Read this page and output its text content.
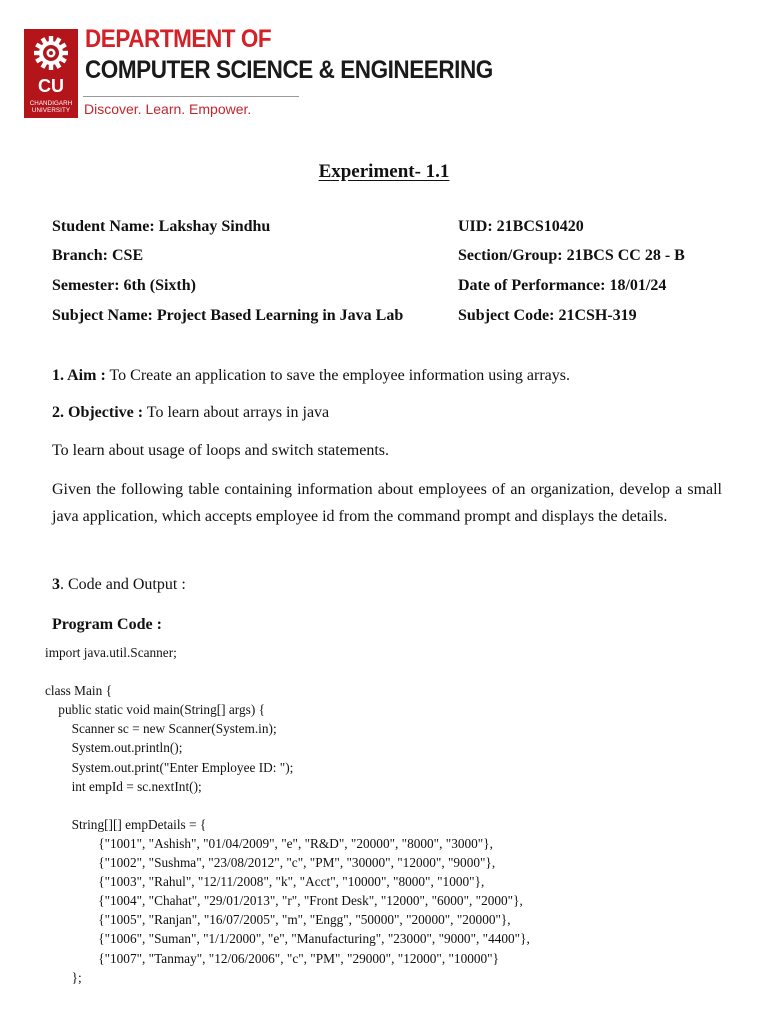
CU
CHANDIGARH
UNIVERSITY
DEPARTMENT OF
COMPUTER SCIENCE & ENGINEERING
Discover. Learn. Empower.
Experiment- 1.1
Student Name: Lakshay Sindhu	UID: 21BCS10420
Branch: CSE	Section/Group: 21BCS CC 28 - B
Semester: 6th (Sixth)	Date of Performance: 18/01/24
Subject Name: Project Based Learning in Java Lab	Subject Code: 21CSH-319
1. Aim : To Create an application to save the employee information using arrays.
2. Objective : To learn about arrays in java
To learn about usage of loops and switch statements.
Given the following table containing information about employees of an organization, develop a small java application, which accepts employee id from the command prompt and displays the details.
3. Code and Output :
Program Code :
import java.util.Scanner;

class Main {
public static void main(String[] args) {
Scanner sc = new Scanner(System.in);
System.out.println();
System.out.print("Enter Employee ID: ");
int empId = sc.nextInt();

String[][] empDetails = {
{"1001", "Ashish", "01/04/2009", "e", "R&D", "20000", "8000", "3000"},
{"1002", "Sushma", "23/08/2012", "c", "PM", "30000", "12000", "9000"},
{"1003", "Rahul", "12/11/2008", "k", "Acct", "10000", "8000", "1000"},
{"1004", "Chahat", "29/01/2013", "r", "Front Desk", "12000", "6000", "2000"},
{"1005", "Ranjan", "16/07/2005", "m", "Engg", "50000", "20000", "20000"},
{"1006", "Suman", "1/1/2000", "e", "Manufacturing", "23000", "9000", "4400"},
{"1007", "Tanmay", "12/06/2006", "c", "PM", "29000", "12000", "10000"}
};
